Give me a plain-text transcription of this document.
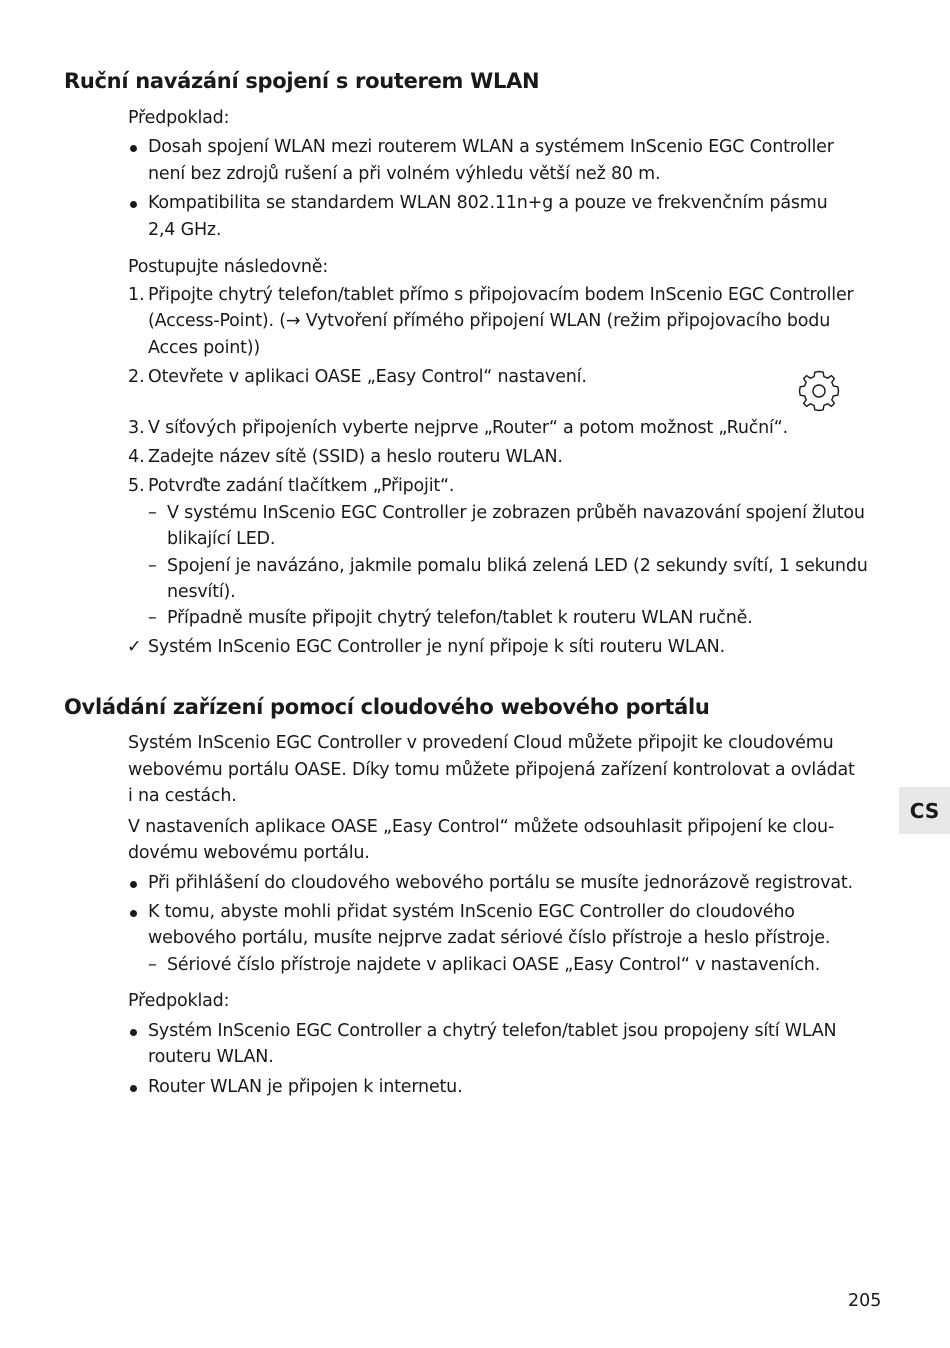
Ruční navázání spojení s routerem WLAN

Předpoklad:

Dosah spojení WLAN mezi routerem WLAN a systémem InScenio EGC Controller

není bez zdrojů rušení a při volném výhledu větší než 80 m.

Kompatibilita se standardem WLAN 802.11n+g a pouze ve frekvenčním pásmu

2,4 GHz.

Postupujte následovně:

1. Připojte chytrý telefon/tablet přímo s připojovacím bodem InScenio EGC Controller

(Access-Point). (→ Vytvoření přímého připojení WLAN (režim připojovacího bodu

Acces point))

2. Otevřete v aplikaci OASE „Easy Control“ nastavení.

3. V síťových připojeních vyberte nejprve „Router“ a potom možnost „Ruční“.

4. Zadejte název sítě (SSID) a heslo routeru WLAN.

5. Potvrďte zadání tlačítkem „Připojit“.

– V systému InScenio EGC Controller je zobrazen průběh navazování spojení žlutou

blikající LED.

– Spojení je navázáno, jakmile pomalu bliká zelená LED (2 sekundy svítí, 1 sekundu

nesvítí).

– Případně musíte připojit chytrý telefon/tablet k routeru WLAN ručně.

✓ Systém InScenio EGC Controller je nyní připoje k síti routeru WLAN.

Ovládání zařízení pomocí cloudového webového portálu

Systém InScenio EGC Controller v provedení Cloud můžete připojit ke cloudovému

webovému portálu OASE. Díky tomu můžete připojená zařízení kontrolovat a ovládat

i na cestách.

V nastaveních aplikace OASE „Easy Control“ můžete odsouhlasit připojení ke clou-

dovému webovému portálu.

Při přihlášení do cloudového webového portálu se musíte jednorázově registrovat.

K tomu, abyste mohli přidat systém InScenio EGC Controller do cloudového

webového portálu, musíte nejprve zadat sériové číslo přístroje a heslo přístroje.

– Sériové číslo přístroje najdete v aplikaci OASE „Easy Control“ v nastaveních.

Předpoklad:

Systém InScenio EGC Controller a chytrý telefon/tablet jsou propojeny sítí WLAN

routeru WLAN.

Router WLAN je připojen k internetu.

CS
205
